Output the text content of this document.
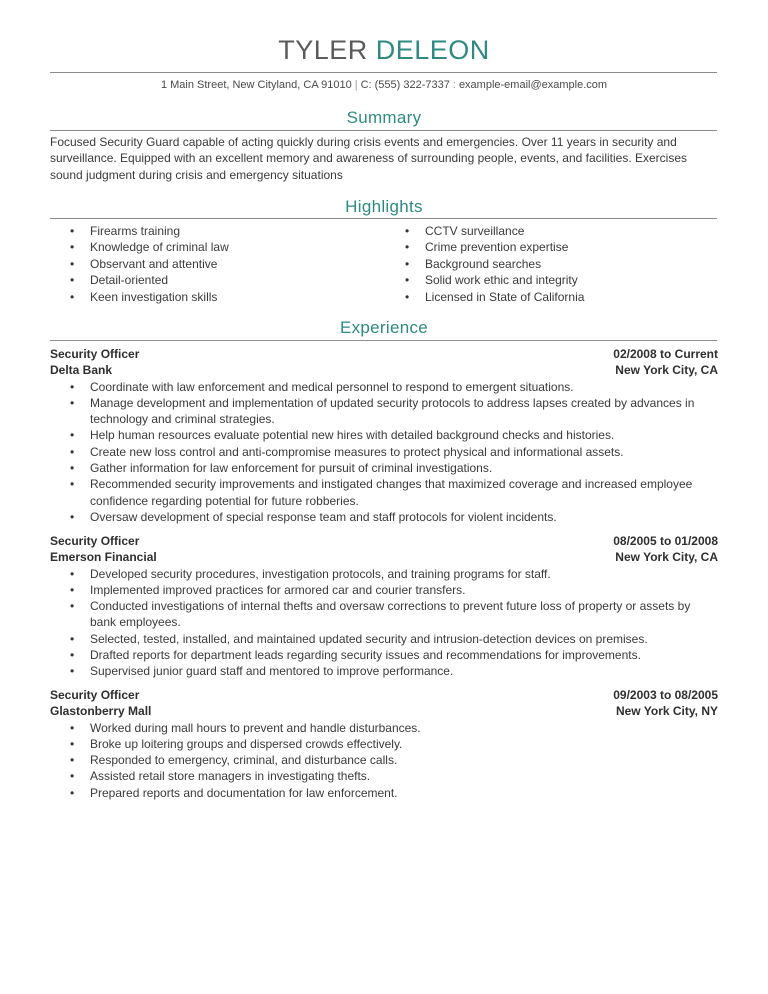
TYLER DELEON
1 Main Street, New Cityland, CA 91010 | C: (555) 322-7337 : example-email@example.com
Summary
Focused Security Guard capable of acting quickly during crisis events and emergencies. Over 11 years in security and surveillance. Equipped with an excellent memory and awareness of surrounding people, events, and facilities. Exercises sound judgment during crisis and emergency situations
Highlights
• Firearms training
• Knowledge of criminal law
• Observant and attentive
• Detail-oriented
• Keen investigation skills
• CCTV surveillance
• Crime prevention expertise
• Background searches
• Solid work ethic and integrity
• Licensed in State of California
Experience
Security Officer	02/2008 to Current
Delta Bank	New York City, CA
• Coordinate with law enforcement and medical personnel to respond to emergent situations.
• Manage development and implementation of updated security protocols to address lapses created by advances in technology and criminal strategies.
• Help human resources evaluate potential new hires with detailed background checks and histories.
• Create new loss control and anti-compromise measures to protect physical and informational assets.
• Gather information for law enforcement for pursuit of criminal investigations.
• Recommended security improvements and instigated changes that maximized coverage and increased employee confidence regarding potential for future robberies.
• Oversaw development of special response team and staff protocols for violent incidents.
Security Officer	08/2005 to 01/2008
Emerson Financial	New York City, CA
• Developed security procedures, investigation protocols, and training programs for staff.
• Implemented improved practices for armored car and courier transfers.
• Conducted investigations of internal thefts and oversaw corrections to prevent future loss of property or assets by bank employees.
• Selected, tested, installed, and maintained updated security and intrusion-detection devices on premises.
• Drafted reports for department leads regarding security issues and recommendations for improvements.
• Supervised junior guard staff and mentored to improve performance.
Security Officer	09/2003 to 08/2005
Glastonberry Mall	New York City, NY
• Worked during mall hours to prevent and handle disturbances.
• Broke up loitering groups and dispersed crowds effectively.
• Responded to emergency, criminal, and disturbance calls.
• Assisted retail store managers in investigating thefts.
• Prepared reports and documentation for law enforcement.
